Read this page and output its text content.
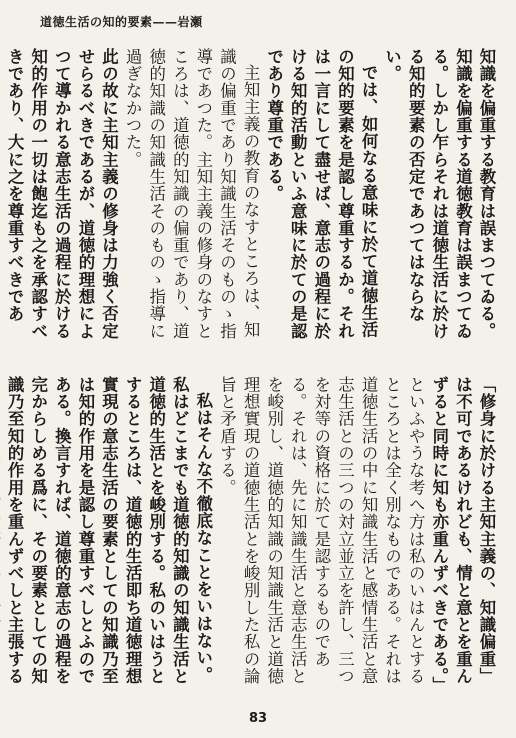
道徳生活の知的要素——岩瀬

知識を偏重する教育は誤まつてゐる。知識を偏重する道徳教育は誤まつてゐる。しかし乍らそれは道徳生活に於ける知的要素の否定であつてはならない。

では、如何なる意味に於て道徳生活の知的要素を是認し尊重するか。それは一言にして盡せば、意志の過程に於ける知的活動といふ意味に於ての是認であり尊重である。

主知主義の教育のなすところは、知識の偏重であり知識生活そのものゝ指導であつた。主知主義の修身のなすところは、道徳的知識の偏重であり、道徳的知識の知識生活そのものゝ指導に過ぎなかつた。

此の故に主知主義の修身は力強く否定せらるべきであるが、道徳的理想によつて導かれる意志生活の過程に於ける知的作用の一切は飽迄も之を承認すべきであり、大に之を尊重すべきであ

「修身に於ける主知主義の、知識偏重」は不可であるけれども、情と意とを重んずると同時に知も亦重んずべきである。」

といふやうな考へ方は私のいはんとするところとは全く別なものである。それは道徳生活の中に知識生活と感情生活と意志生活との三つの対立並立を許し、三つを対等の資格に於て是認するものである。それは、先に知識生活と意志生活とを峻別し、道徳的知識の知識生活と道徳理想實現の道徳生活とを峻別した私の論旨と矛盾する。

私はそんな不徹底なことをいはない。私はどこまでも道徳的知識の知識生活と道徳的生活とを峻別する。私のいはうとするところは、道徳的生活即ち道徳理想實現の意志生活の要素としての知識乃至は知的作用を是認し尊重すべしとふのである。換言すれば、道徳的意志の過程を完からしめる爲に、その要素としての知識乃至知的作用を重んずべしと主張する

83
